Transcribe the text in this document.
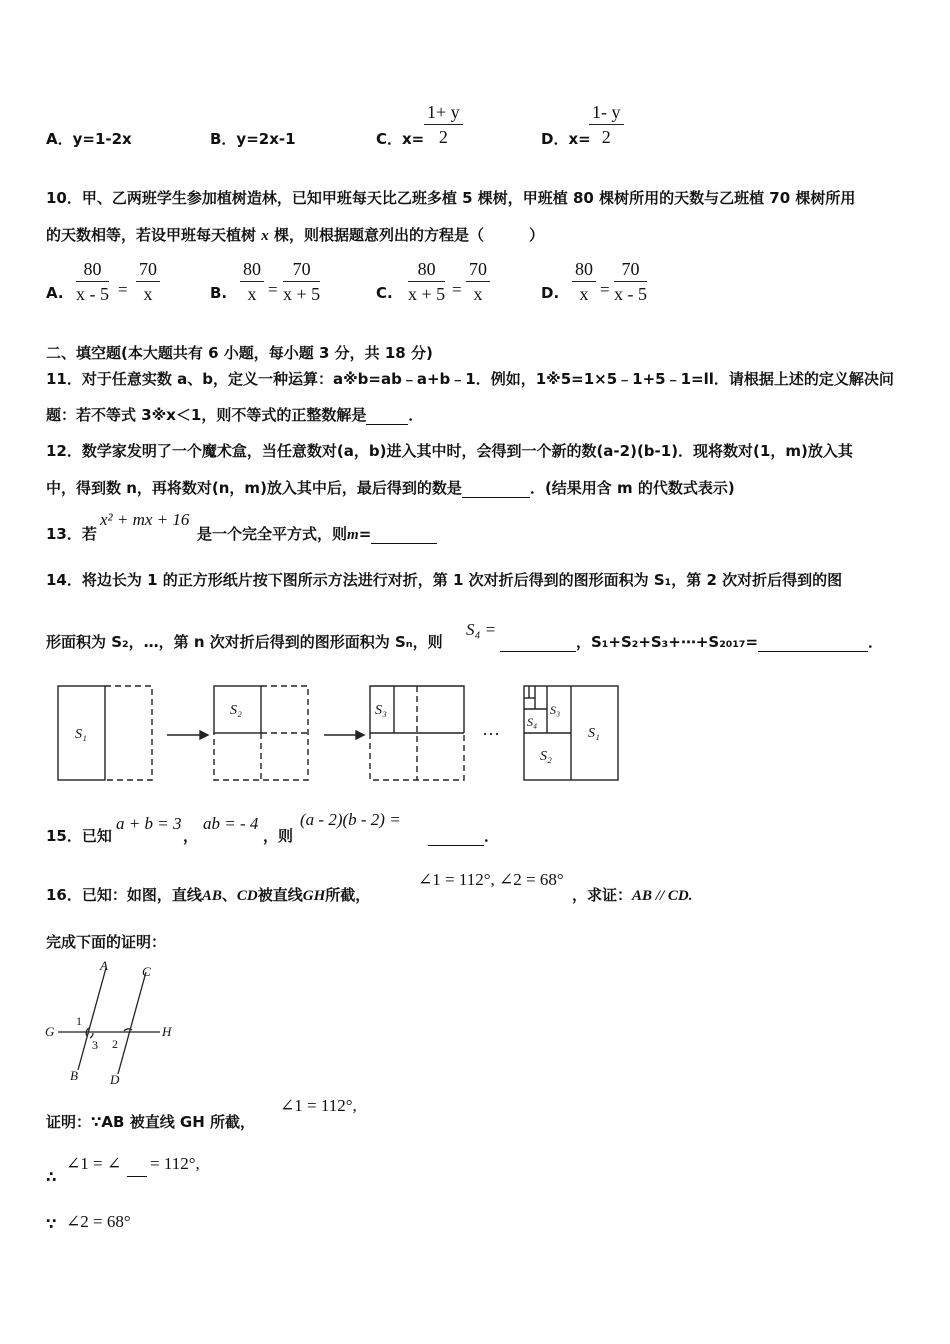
A．y=1-2x	B．y=2x-1	C．$x= \frac{1+ y}{2}$	D．x=
$\frac{1- y}{2}$
10．甲、乙两班学生参加植树造林，已知甲班每天比乙班多植 5 棵树，甲班植 80 棵树所用的天数与乙班植 70 棵树所用
的天数相等，若设甲班每天植树 x 棵，则根据题意列出的方程是（　　　）
A. $\frac{80}{x - 5} = \frac{70}{x}$	B. $\frac{80}{x} = \frac{70}{x + 5}$	C. $\frac{80}{x + 5} = \frac{70}{x}$	D. $\frac{80}{x} = \frac{70}{x - 5}$
二、填空题(本大题共有 6 小题，每小题 3 分，共 18 分)
11．对于任意实数 a、b，定义一种运算：a※b=ab﹣a+b﹣1．例如，1※5=1×5﹣1+5﹣1=ll．请根据上述的定义解决问
题：若不等式 3※x＜1，则不等式的正整数解是	．
12．数学家发明了一个魔术盒，当任意数对(a，b)进入其中时，会得到一个新的数(a-2)(b-1)．现将数对(1，m)放入其
中，得到数 n，再将数对(n，m)放入其中后，最后得到的数是	．(结果用含 m 的代数式表示)
13．若
x² + mx + 16
是一个完全平方式，则m=
14．将边长为 1 的正方形纸片按下图所示方法进行对折，第 1 次对折后得到的图形面积为 S₁，第 2 次对折后得到的图
形面积为 S₂，…，第 n 次对折后得到的图形面积为 Sₙ，则
S₄ =
，S₁+S₂+S₃+⋯+S₂₀₁₇=	．
S₁
S₂	S₃	S₃
S₄
S₂
S₁
···
15．已知
a + b = 3
，
ab = - 4
，则
(a - 2)(b - 2) =
．
16．已知：如图，直线AB、CD被直线GH所截，
∠1 = 112°, ∠2 = 68°
，求证：AB // CD.
完成下面的证明：
A	C
G	H
B D
1
2
3
证明：∵AB 被直线 GH 所截，
∠1 = 112°,
∴
∠1 = ∠ = 112°,
∵ ∠2 = 68°
